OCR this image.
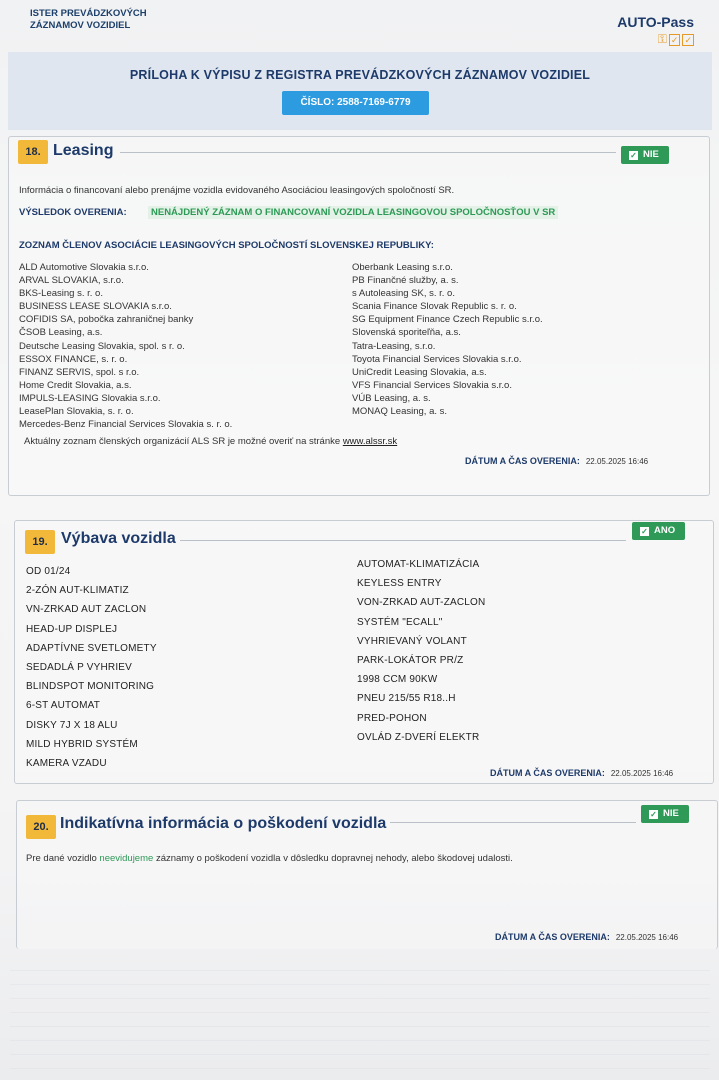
ISTER PREVÁDZKOVÝCH
ZÁZNAMOV VOZIDIEL	AUTO-Pass
⚿ ✓ ✓
PRÍLOHA K VÝPISU Z REGISTRA PREVÁDZKOVÝCH ZÁZNAMOV VOZIDIEL
ČÍSLO: 2588-7169-6779
18. Leasing	✓ NIE
Informácia o financovaní alebo prenájme vozidla evidovaného Asociáciou leasingových spoločností SR.
VÝSLEDOK OVERENIA:	NENÁJDENÝ ZÁZNAM O FINANCOVANÍ VOZIDLA LEASINGOVOU SPOLOČNOSŤOU V SR
ZOZNAM ČLENOV ASOCIÁCIE LEASINGOVÝCH SPOLOČNOSTÍ SLOVENSKEJ REPUBLIKY:
ALD Automotive Slovakia s.r.o.
ARVAL SLOVAKIA, s.r.o.
BKS-Leasing s. r. o.
BUSINESS LEASE SLOVAKIA s.r.o.
COFIDIS SA, pobočka zahraničnej banky
ČSOB Leasing, a.s.
Deutsche Leasing Slovakia, spol. s r. o.
ESSOX FINANCE, s. r. o.
FINANZ SERVIS, spol. s r.o.
Home Credit Slovakia, a.s.
IMPULS-LEASING Slovakia s.r.o.
LeasePlan Slovakia, s. r. o.
Mercedes-Benz Financial Services Slovakia s. r. o.
Oberbank Leasing s.r.o.
PB Finančné služby, a. s.
s Autoleasing SK, s. r. o.
Scania Finance Slovak Republic s. r. o.
SG Equipment Finance Czech Republic s.r.o.
Slovenská sporiteľňa, a.s.
Tatra-Leasing, s.r.o.
Toyota Financial Services Slovakia s.r.o.
UniCredit Leasing Slovakia, a.s.
VFS Financial Services Slovakia s.r.o.
VÚB Leasing, a. s.
MONAQ Leasing, a. s.
Aktuálny zoznam členských organizácií ALS SR je možné overiť na stránke www.alssr.sk
DÁTUM A ČAS OVERENIA: 22.05.2025 16:46
19. Výbava vozidla	✓ ANO
OD 01/24
2-ZÓN AUT-KLIMATIZ
VN-ZRKAD AUT ZACLON
HEAD-UP DISPLEJ
ADAPTÍVNE SVETLOMETY
SEDADLÁ P VYHRIEV
BLINDSPOT MONITORING
6-ST AUTOMAT
DISKY 7J X 18 ALU
MILD HYBRID SYSTÉM
KAMERA VZADU
AUTOMAT-KLIMATIZÁCIA
KEYLESS ENTRY
VON-ZRKAD AUT-ZACLON
SYSTÉM "ECALL"
VYHRIEVANÝ VOLANT
PARK-LOKÁTOR PR/Z
1998 CCM 90KW
PNEU 215/55 R18..H
PRED-POHON
OVLÁD Z-DVERÍ ELEKTR
DÁTUM A ČAS OVERENIA: 22.05.2025 16:46
20. Indikatívna informácia o poškodení vozidla
✓ NIE
Pre dané vozidlo neevidujeme záznamy o poškodení vozidla v dôsledku dopravnej nehody, alebo škodovej udalosti.
DÁTUM A ČAS OVERENIA: 22.05.2025 16:46
